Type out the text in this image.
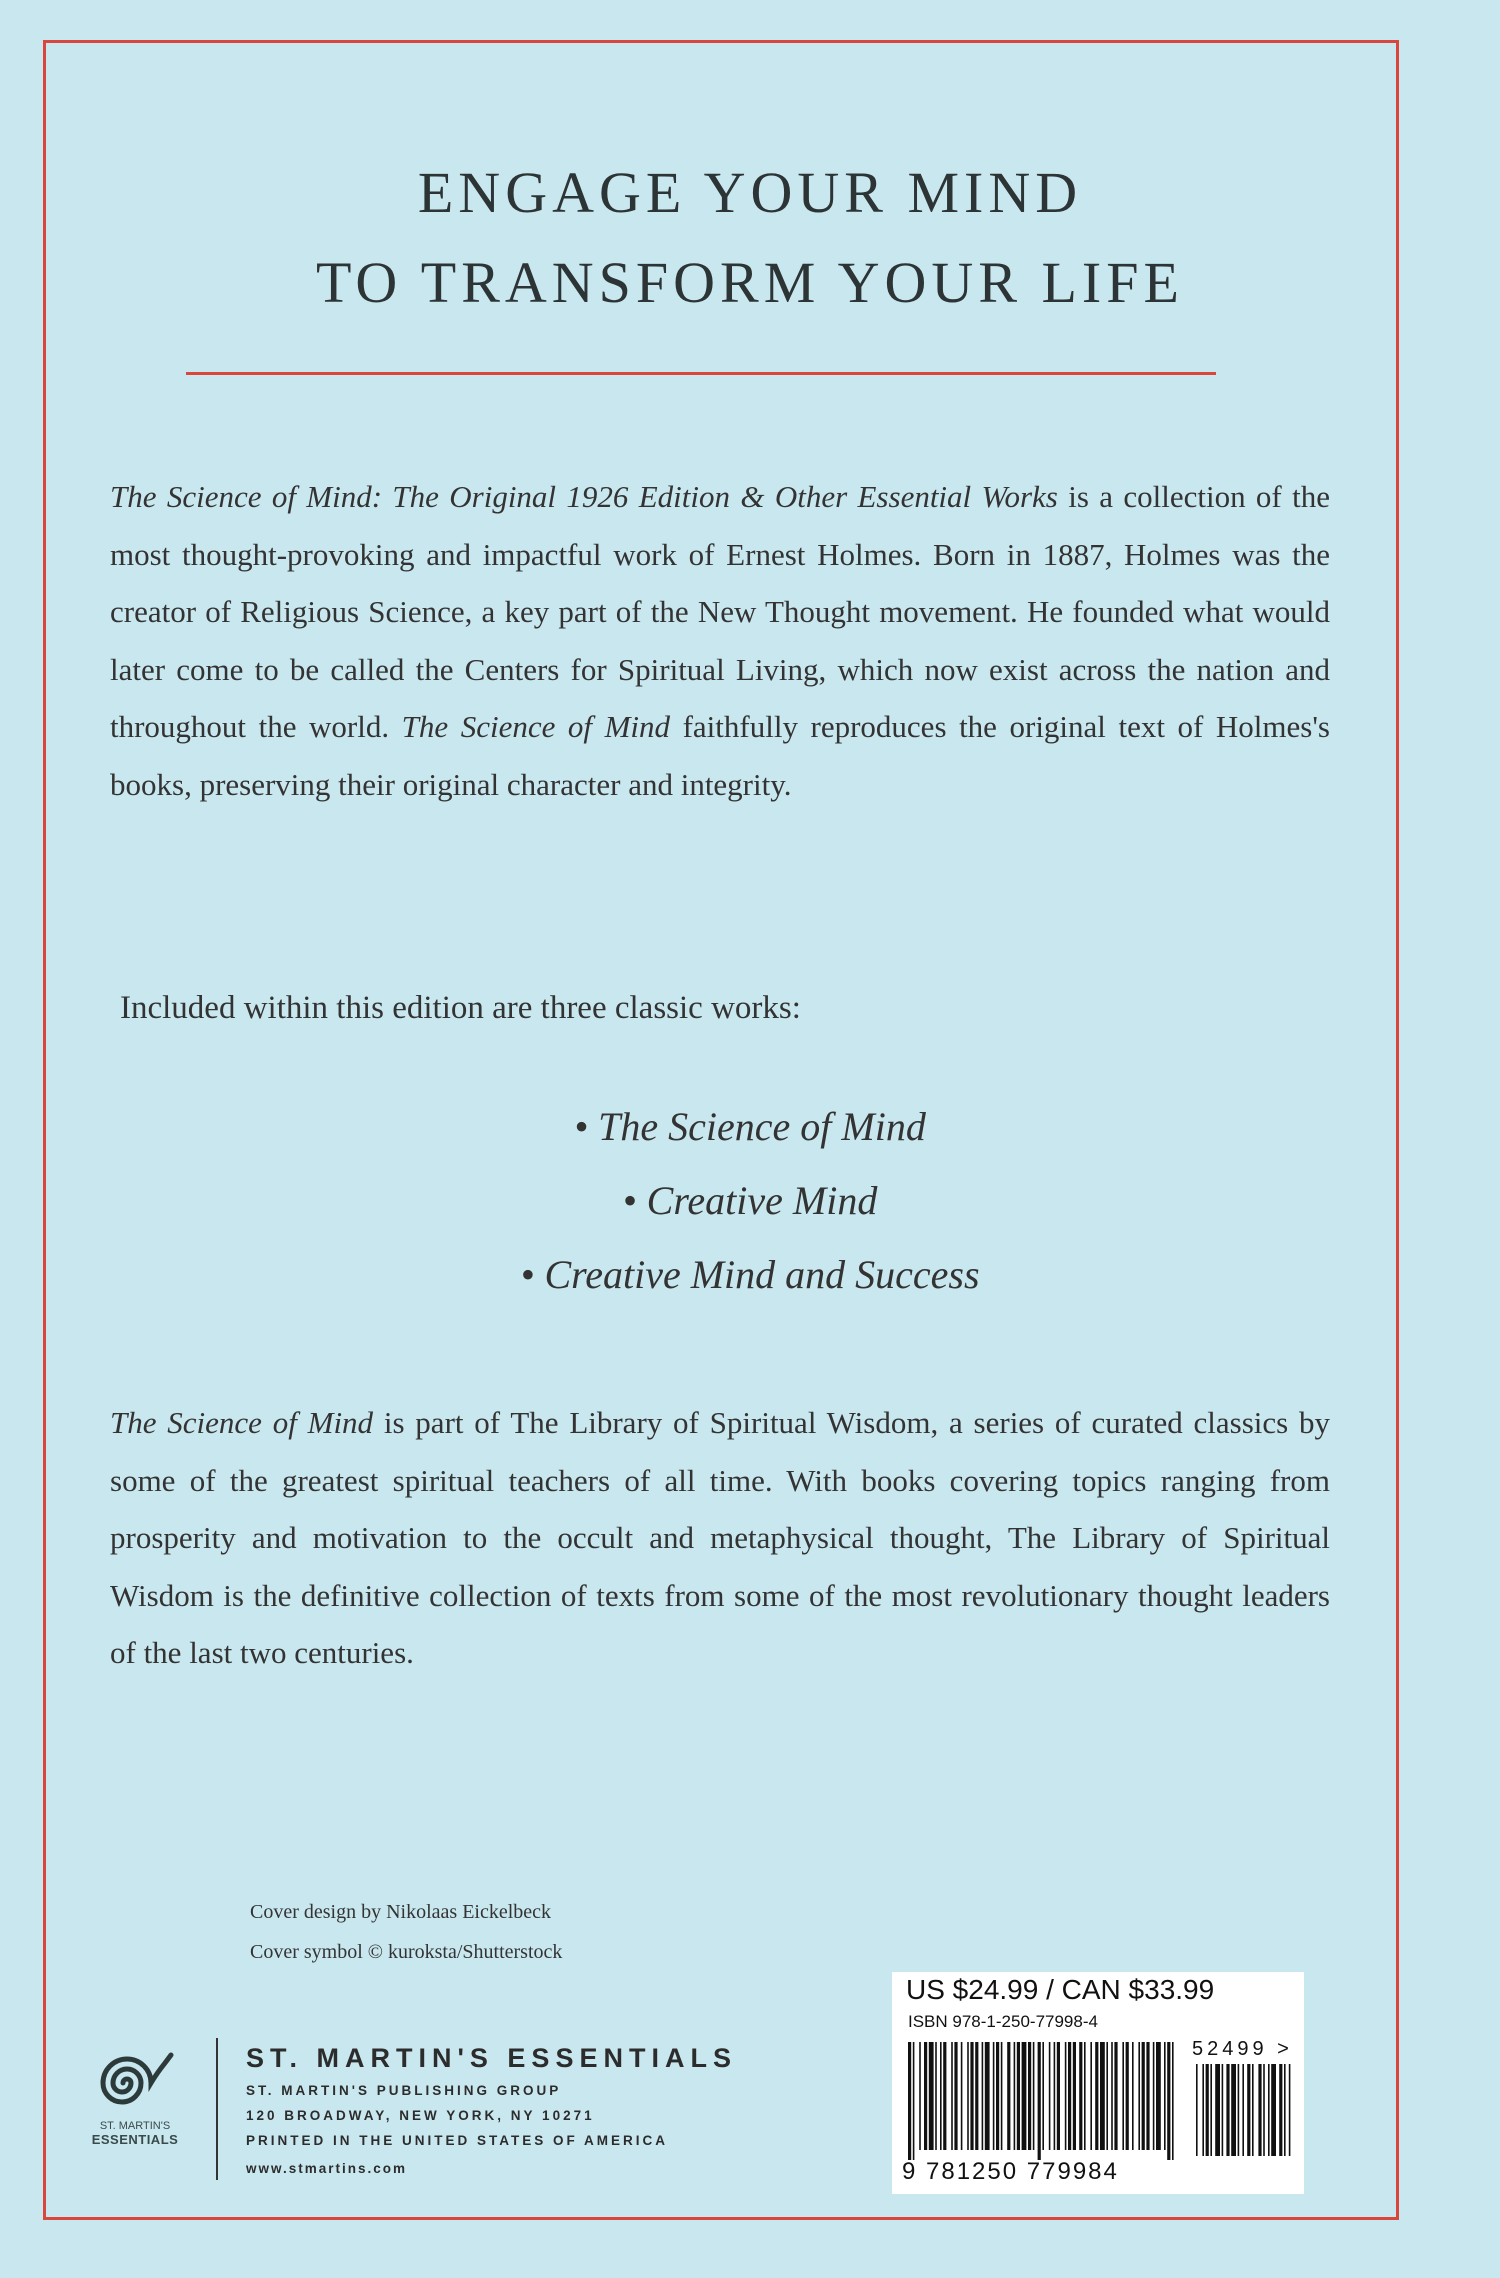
ENGAGE YOUR MIND
TO TRANSFORM YOUR LIFE
The Science of Mind: The Original 1926 Edition & Other Essential Works is a collection of the most thought-provoking and impactful work of Ernest Holmes. Born in 1887, Holmes was the creator of Religious Science, a key part of the New Thought movement. He founded what would later come to be called the Centers for Spiritual Living, which now exist across the nation and throughout the world. The Science of Mind faithfully reproduces the original text of Holmes's books, preserving their original character and integrity.
Included within this edition are three classic works:
• The Science of Mind
• Creative Mind
• Creative Mind and Success
The Science of Mind is part of The Library of Spiritual Wisdom, a series of curated classics by some of the greatest spiritual teachers of all time. With books covering topics ranging from prosperity and motivation to the occult and metaphysical thought, The Library of Spiritual Wisdom is the definitive collection of texts from some of the most revolutionary thought leaders of the last two centuries.
Cover design by Nikolaas Eickelbeck
Cover symbol © kuroksta/Shutterstock
ST. MARTIN'S
ESSENTIALS
ST. MARTIN'S ESSENTIALS
ST. MARTIN'S PUBLISHING GROUP
120 BROADWAY, NEW YORK, NY 10271
PRINTED IN THE UNITED STATES OF AMERICA
www.stmartins.com
US $24.99 / CAN $33.99
ISBN 978-1-250-77998-4
52499 >
9 781250 779984
